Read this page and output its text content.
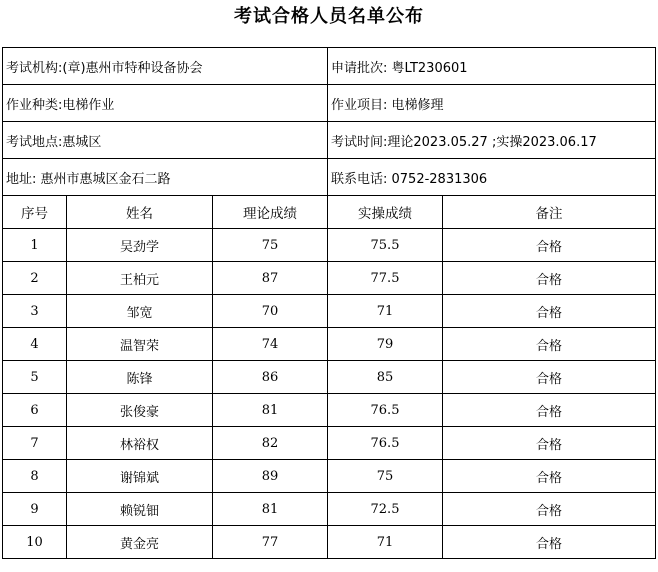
考试合格人员名单公布
考试机构:(章)惠州市特种设备协会			申请批次: 粤LT230601	
作业种类:电梯作业			作业项目: 电梯修理	
考试地点:惠城区			考试时间:理论2023.05.27 ;实操2023.06.17	
地址: 惠州市惠城区金石二路			联系电话: 0752-2831306	
序号	姓名	理论成绩	实操成绩	备注
1	吴劲学	75	75.5	合格
2	王柏元	87	77.5	合格
3	邹宽	70	71	合格
4	温智荣	74	79	合格
5	陈锋	86	85	合格
6	张俊豪	81	76.5	合格
7	林裕权	82	76.5	合格
8	谢锦斌	89	75	合格
9	赖锐钿	81	72.5	合格
10	黄金亮	77	71	合格
